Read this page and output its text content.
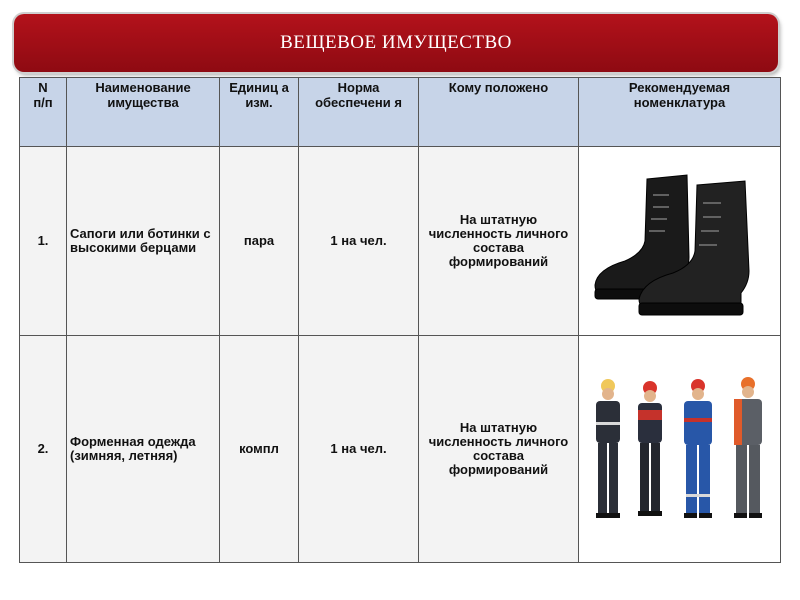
ВЕЩЕВОЕ ИМУЩЕСТВО
N
п/п	Наименование имущества	Единиц а изм.	Норма обеспечени я	Кому положено	Рекомендуемая номенклатура
1.	Сапоги или ботинки с высокими берцами	пара	1 на чел.	На штатную численность личного состава формирований	

2.	Форменная одежда (зимняя, летняя)	компл	1 на чел.	На штатную численность личного состава формирований	
